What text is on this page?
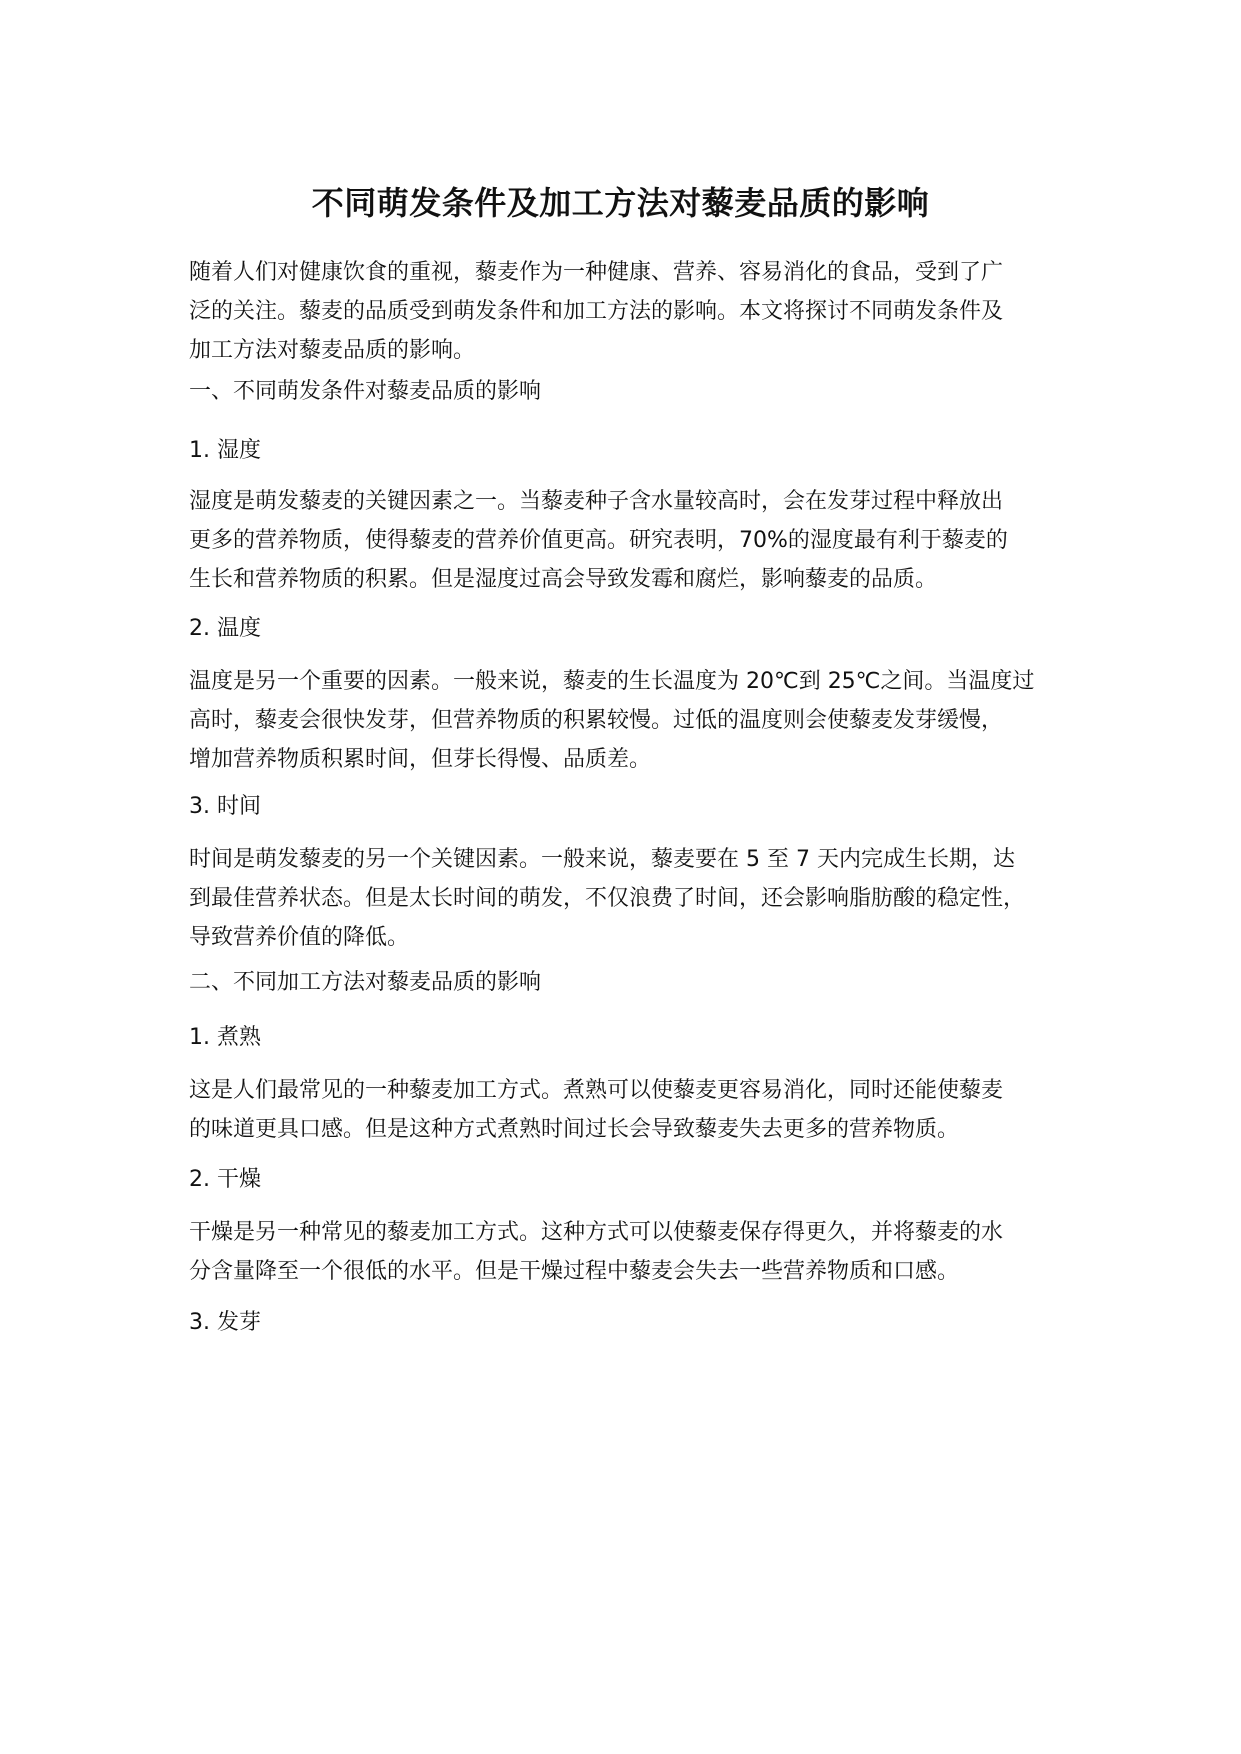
不同萌发条件及加工方法对藜麦品质的影响
随着人们对健康饮食的重视，藜麦作为一种健康、营养、容易消化的食品，受到了广
泛的关注。藜麦的品质受到萌发条件和加工方法的影响。本文将探讨不同萌发条件及
加工方法对藜麦品质的影响。
一、不同萌发条件对藜麦品质的影响
1. 湿度
湿度是萌发藜麦的关键因素之一。当藜麦种子含水量较高时，会在发芽过程中释放出
更多的营养物质，使得藜麦的营养价值更高。研究表明，70%的湿度最有利于藜麦的
生长和营养物质的积累。但是湿度过高会导致发霉和腐烂，影响藜麦的品质。
2. 温度
温度是另一个重要的因素。一般来说，藜麦的生长温度为 20℃到 25℃之间。当温度过
高时，藜麦会很快发芽，但营养物质的积累较慢。过低的温度则会使藜麦发芽缓慢，
增加营养物质积累时间，但芽长得慢、品质差。
3. 时间
时间是萌发藜麦的另一个关键因素。一般来说，藜麦要在 5 至 7 天内完成生长期，达
到最佳营养状态。但是太长时间的萌发，不仅浪费了时间，还会影响脂肪酸的稳定性，
导致营养价值的降低。
二、不同加工方法对藜麦品质的影响
1. 煮熟
这是人们最常见的一种藜麦加工方式。煮熟可以使藜麦更容易消化，同时还能使藜麦
的味道更具口感。但是这种方式煮熟时间过长会导致藜麦失去更多的营养物质。
2. 干燥
干燥是另一种常见的藜麦加工方式。这种方式可以使藜麦保存得更久，并将藜麦的水
分含量降至一个很低的水平。但是干燥过程中藜麦会失去一些营养物质和口感。
3. 发芽
